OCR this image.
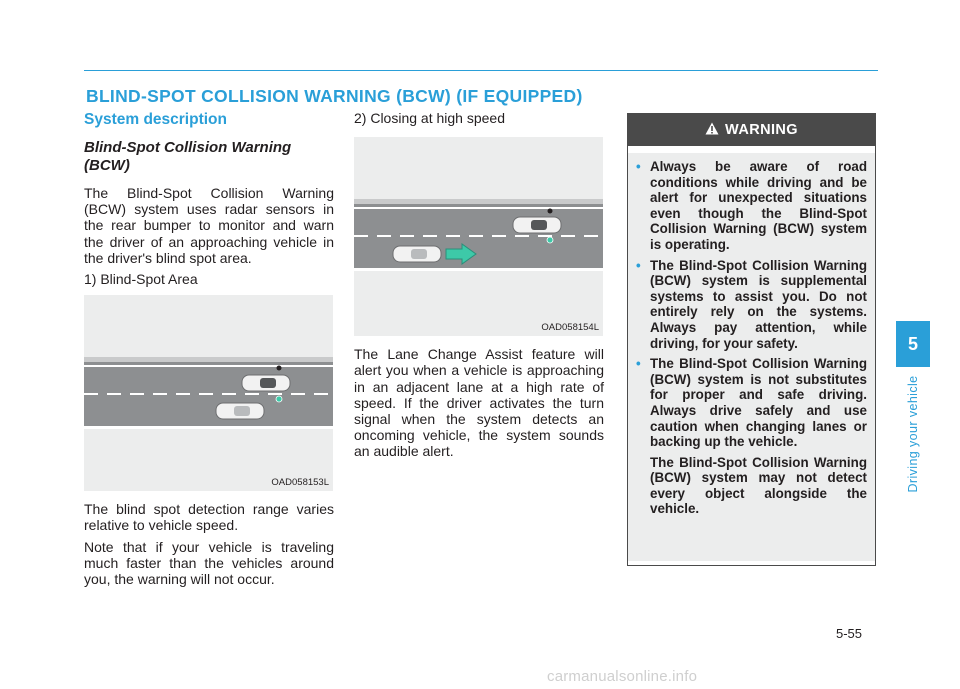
BLIND-SPOT COLLISION WARNING (BCW) (IF EQUIPPED)
System description
Blind-Spot Collision Warning (BCW)

The Blind-Spot Collision Warning (BCW) system uses radar sensors in the rear bumper to monitor and warn the driver of an approaching vehicle in the driver's blind spot area.

1) Blind-Spot Area

OAD058153L

The blind spot detection range varies relative to vehicle speed.

Note that if your vehicle is traveling much faster than the vehicles around you, the warning will not occur.

2) Closing at high speed

OAD058154L

The Lane Change Assist feature will alert you when a vehicle is approaching in an adjacent lane at a high rate of speed. If the driver activates the turn signal when the system detects an oncoming vehicle, the system sounds an audible alert.

WARNING
• Always be aware of road conditions while driving and be alert for unexpected situations even though the Blind-Spot Collision Warning (BCW) system is operating.
• The Blind-Spot Collision Warning (BCW) system is supplemental systems to assist you. Do not entirely rely on the systems. Always pay attention, while driving, for your safety.
• The Blind-Spot Collision Warning (BCW) system is not substitutes for proper and safe driving. Always drive safely and use caution when changing lanes or backing up the vehicle.
The Blind-Spot Collision Warning (BCW) system may not detect every object alongside the vehicle.
5
Driving your vehicle
5-55
carmanualsonline.info
